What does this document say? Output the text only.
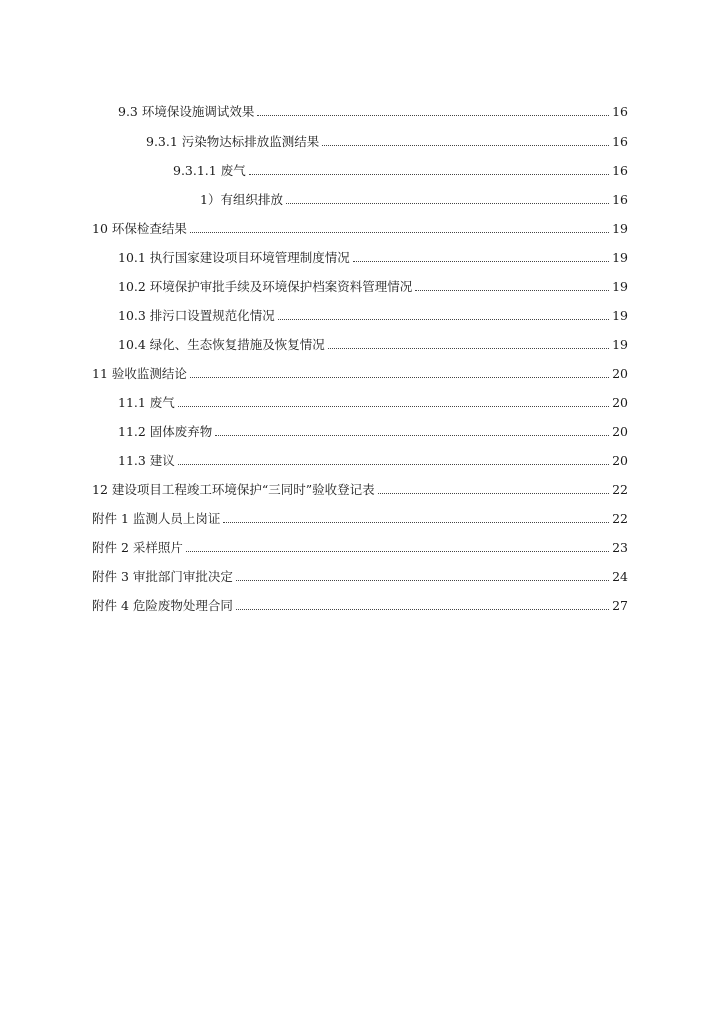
9.3 环境保设施调试效果	16
9.3.1 污染物达标排放监测结果	16
9.3.1.1 废气	16
1）有组织排放	16
10 环保检查结果	19
10.1 执行国家建设项目环境管理制度情况	19
10.2 环境保护审批手续及环境保护档案资料管理情况	19
10.3 排污口设置规范化情况	19
10.4 绿化、生态恢复措施及恢复情况	19
11 验收监测结论	20
11.1 废气	20
11.2 固体废弃物	20
11.3 建议	20
12 建设项目工程竣工环境保护“三同时”验收登记表	22
附件 1 监测人员上岗证	22
附件 2 采样照片	23
附件 3 审批部门审批决定	24
附件 4 危险废物处理合同	27
